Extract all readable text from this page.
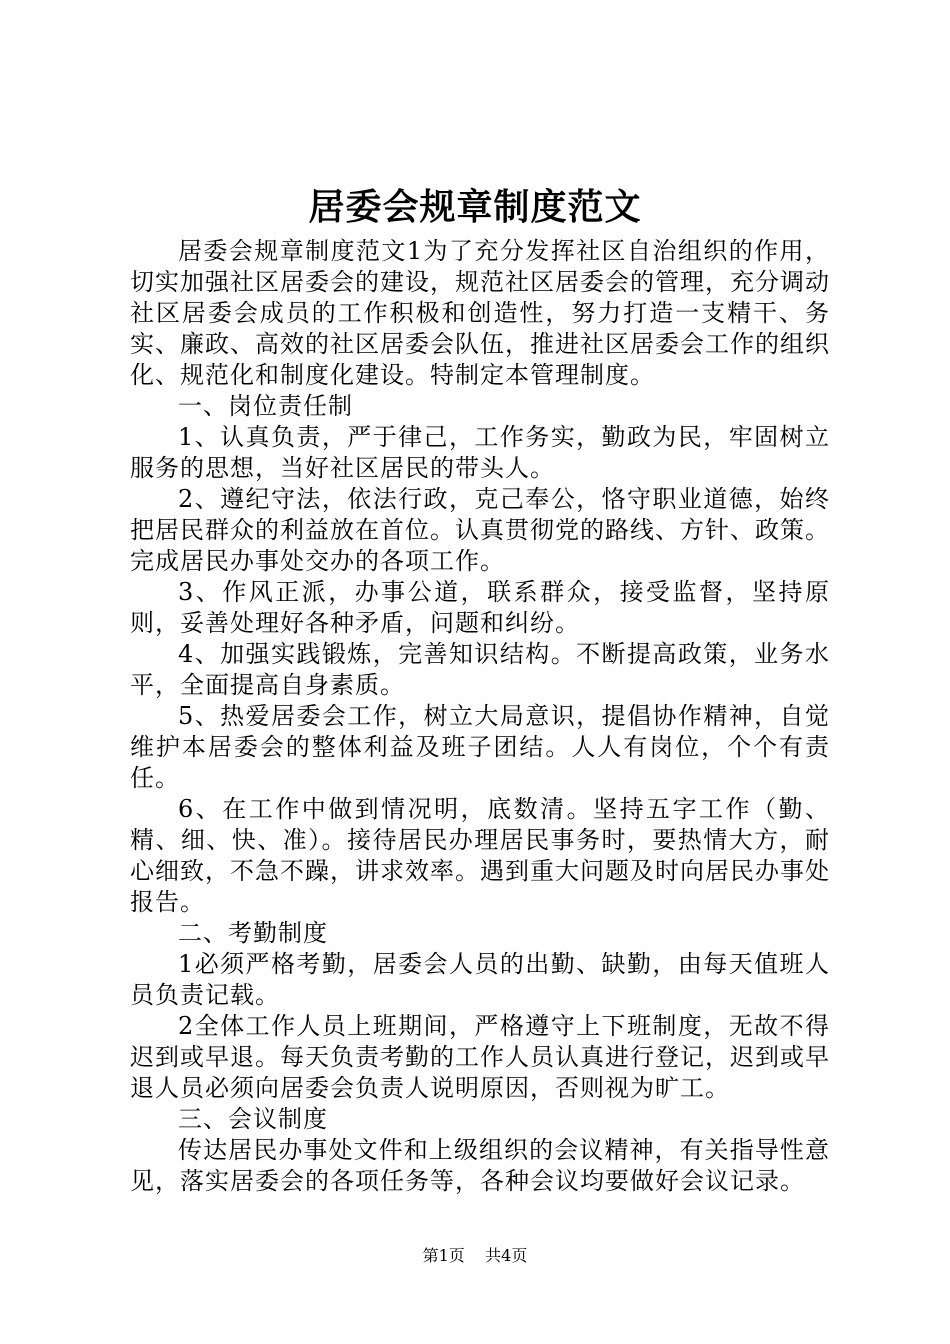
居委会规章制度范文

居委会规章制度范文1为了充分发挥社区自治组织的作用，切实加强社区居委会的建设，规范社区居委会的管理，充分调动社区居委会成员的工作积极和创造性，努力打造一支精干、务实、廉政、高效的社区居委会队伍，推进社区居委会工作的组织化、规范化和制度化建设。特制定本管理制度。

一、岗位责任制

1、认真负责，严于律己，工作务实，勤政为民，牢固树立服务的思想，当好社区居民的带头人。

2、遵纪守法，依法行政，克己奉公，恪守职业道德，始终把居民群众的利益放在首位。认真贯彻党的路线、方针、政策。完成居民办事处交办的各项工作。

3、作风正派，办事公道，联系群众，接受监督，坚持原则，妥善处理好各种矛盾，问题和纠纷。

4、加强实践锻炼，完善知识结构。不断提高政策，业务水平，全面提高自身素质。

5、热爱居委会工作，树立大局意识，提倡协作精神，自觉维护本居委会的整体利益及班子团结。人人有岗位，个个有责任。

6、在工作中做到情况明，底数清。坚持五字工作（勤、精、细、快、准）。接待居民办理居民事务时，要热情大方，耐心细致，不急不躁，讲求效率。遇到重大问题及时向居民办事处报告。

二、考勤制度

1必须严格考勤，居委会人员的出勤、缺勤，由每天值班人员负责记载。

2全体工作人员上班期间，严格遵守上下班制度，无故不得迟到或早退。每天负责考勤的工作人员认真进行登记，迟到或早退人员必须向居委会负责人说明原因，否则视为旷工。

三、会议制度

传达居民办事处文件和上级组织的会议精神，有关指导性意见，落实居委会的各项任务等，各种会议均要做好会议记录。

第1页 共4页
